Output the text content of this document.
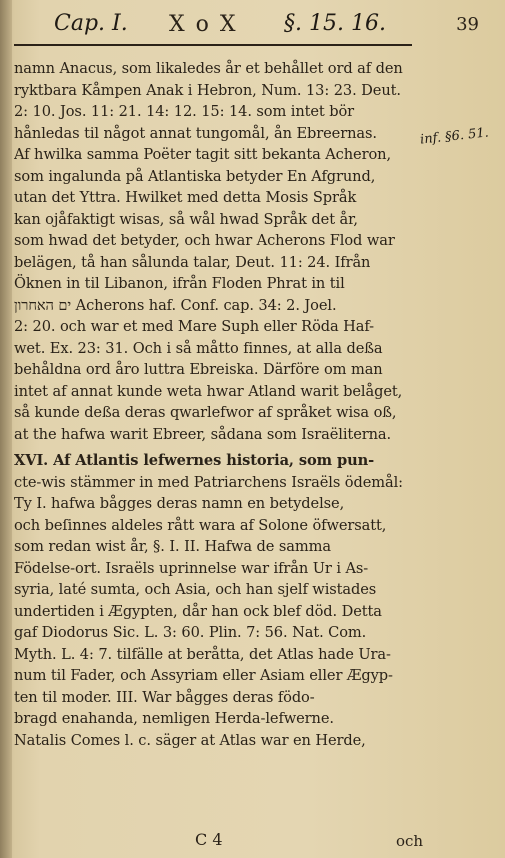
Cap. I. X o X §. 15. 16.	39
namn Anacus, som likaledes år et behållet ord af den
ryktbara Kåmpen Anak i Hebron, Num. 13: 23. Deut.
2: 10. Jos. 11: 21. 14: 12. 15: 14. som intet bör
hånledas til något annat tungomål, ån Ebreernas.
Af hwilka samma Poëter tagit sitt bekanta Acheron,
som ingalunda på Atlantiska betyder En Afgrund,
utan det Yttra. Hwilket med detta Mosis Språk
kan ojåfaktigt wisas, så wål hwad Språk det år,
som hwad det betyder, och hwar Acherons Flod war
belägen, tå han sålunda talar, Deut. 11: 24. Ifrån
Öknen in til Libanon, ifrån Floden Phrat in til
ים האחרון Acherons haf. Conf. cap. 34: 2. Joel.
2: 20. och war et med Mare Suph eller Röda Haf-
wet. Ex. 23: 31. Och i så måtto finnes, at alla deßa
behåldna ord åro luttra Ebreiska. Därföre om man
intet af annat kunde weta hwar Atland warit belåget,
så kunde deßa deras qwarlefwor af språket wisa oß,
at the hafwa warit Ebreer, sådana som Israëliterna.
inf. §6. 51.
XVI. Af Atlantis lefwernes historia, som pun-
cte-wis stämmer in med Patriarchens Israëls ödemål:
Ty I. hafwa bågges deras namn en betydelse,
och beſinnes aldeles rått wara af Solone öfwersatt,
som redan wist år, §. I. II. Hafwa de samma
Födelse-ort. Israëls uprinnelse war ifrån Ur i As-
syria, laté sumta, och Asia, och han sjelf wistades
undertiden i Ægypten, dår han ock blef död. Detta
gaf Diodorus Sic. L. 3: 60. Plin. 7: 56. Nat. Com.
Myth. L. 4: 7. tilfälle at beråtta, det Atlas hade Ura-
num til Fader, och Assyriam eller Asiam eller Ægyp-
ten til moder. III. War bågges deras födo-
bragd enahanda, nemligen Herda-lefwerne.
Natalis Comes l. c. säger at Atlas war en Herde,
C 4	och
